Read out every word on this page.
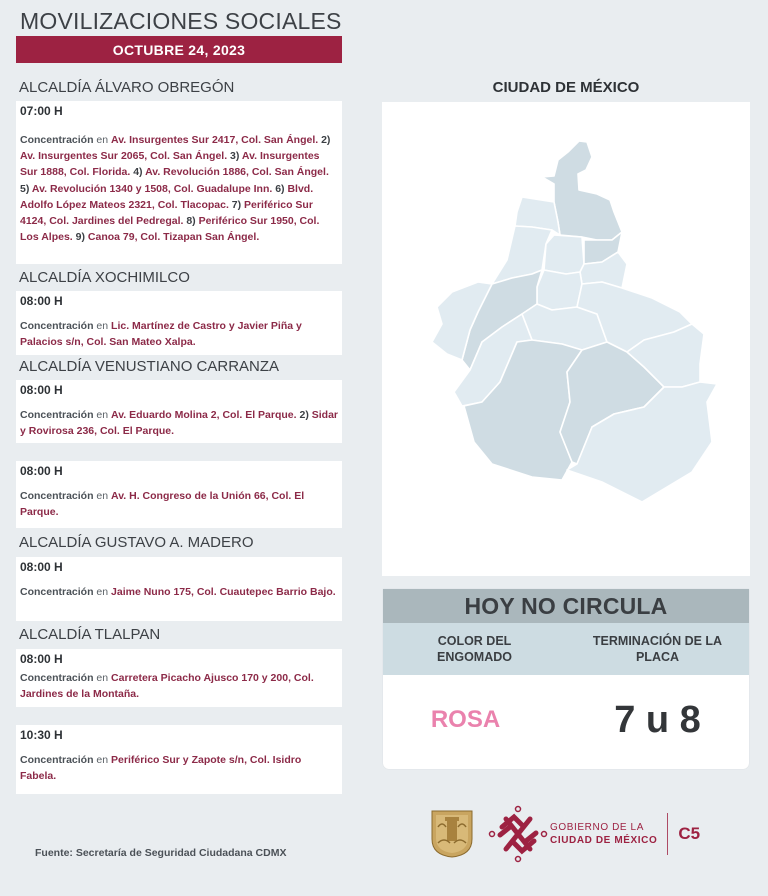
MOVILIZACIONES SOCIALES
OCTUBRE 24, 2023
ALCALDÍA ÁLVARO OBREGÓN
07:00 H
Concentración en Av. Insurgentes Sur 2417, Col. San Ángel. 2) Av. Insurgentes Sur 2065, Col. San Ángel. 3) Av. Insurgentes Sur 1888, Col. Florida. 4) Av. Revolución 1886, Col. San Ángel. 5) Av. Revolución 1340 y 1508, Col. Guadalupe Inn. 6) Blvd. Adolfo López Mateos 2321, Col. Tlacopac. 7) Periférico Sur 4124, Col. Jardines del Pedregal. 8) Periférico Sur 1950, Col. Los Alpes. 9) Canoa 79, Col. Tizapan San Ángel.
ALCALDÍA XOCHIMILCO
08:00 H
Concentración en Lic. Martínez de Castro y Javier Piña y Palacios s/n, Col. San Mateo Xalpa.
ALCALDÍA VENUSTIANO CARRANZA
08:00 H
Concentración en Av. Eduardo Molina 2, Col. El Parque. 2) Sidar y Rovirosa 236, Col. El Parque.
08:00 H
Concentración en Av. H. Congreso de la Unión 66, Col. El Parque.
ALCALDÍA GUSTAVO A. MADERO
08:00 H
Concentración en Jaime Nuno 175, Col. Cuautepec Barrio Bajo.
ALCALDÍA TLALPAN
08:00 H
Concentración en Carretera Picacho Ajusco 170 y 200, Col. Jardines de la Montaña.
10:30 H
Concentración en Periférico Sur y Zapote s/n, Col. Isidro Fabela.
Fuente: Secretaría de Seguridad Ciudadana CDMX
CIUDAD DE MÉXICO
HOY NO CIRCULA
COLOR DEL ENGOMADO
TERMINACIÓN DE LA PLACA
ROSA	7 u 8
GOBIERNO DE LA
CIUDAD DE MÉXICO C5
